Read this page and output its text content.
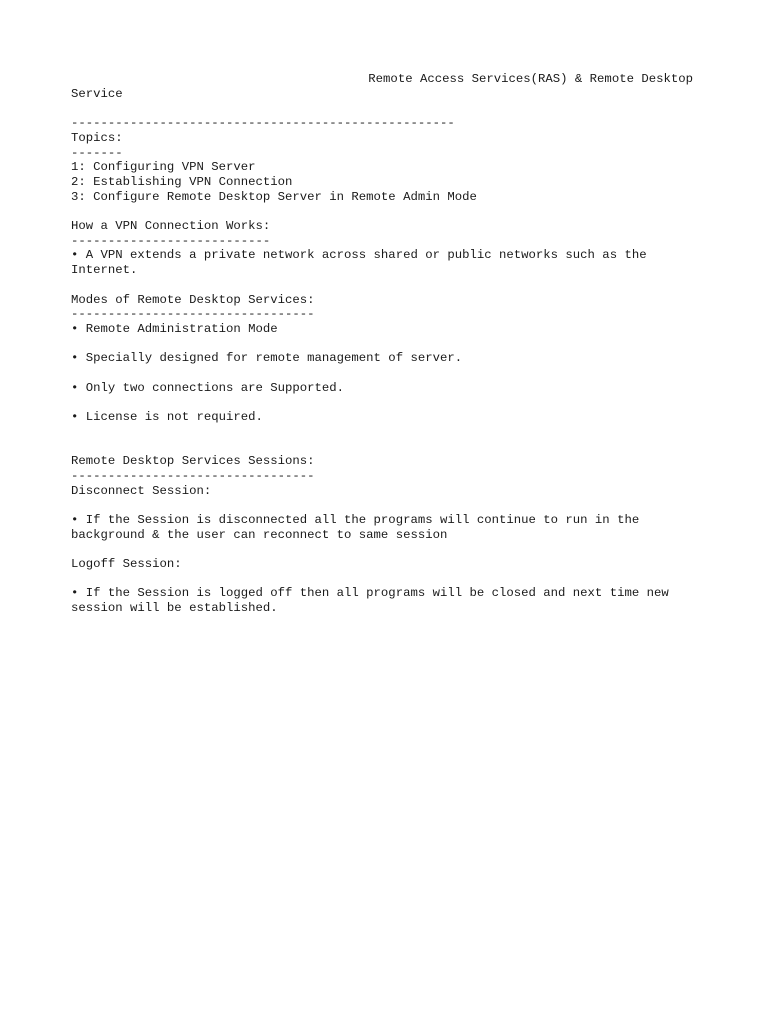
Remote Access Services(RAS) & Remote Desktop
Service
----------------------------------------------------
Topics:
-------
1: Configuring VPN Server
2: Establishing VPN Connection
3: Configure Remote Desktop Server in Remote Admin Mode
How a VPN Connection Works:
---------------------------
• A VPN extends a private network across shared or public networks such as the
Internet.
Modes of Remote Desktop Services:
---------------------------------
• Remote Administration Mode
• Specially designed for remote management of server.
• Only two connections are Supported.
• License is not required.
Remote Desktop Services Sessions:
---------------------------------
Disconnect Session:
• If the Session is disconnected all the programs will continue to run in the
background & the user can reconnect to same session
Logoff Session:
• If the Session is logged off then all programs will be closed and next time new
session will be established.
